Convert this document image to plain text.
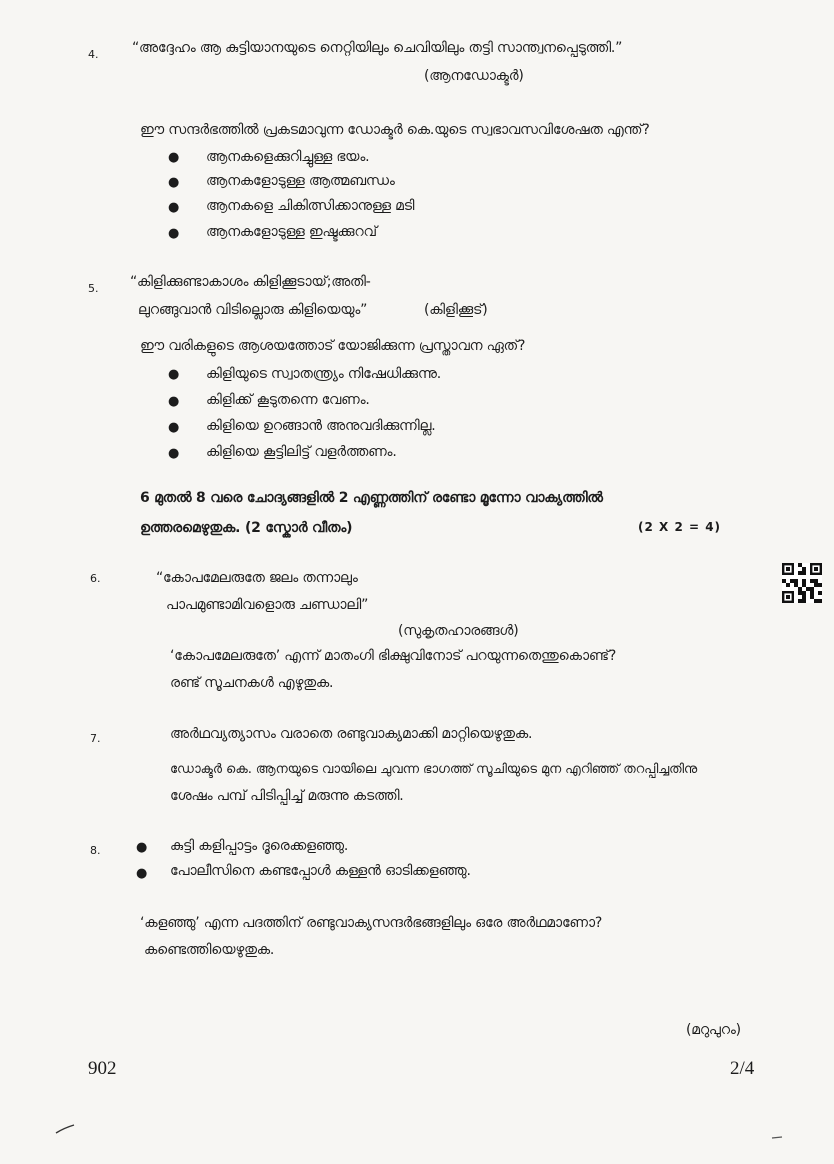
4. “അദ്ദേഹം ആ കുട്ടിയാനയുടെ നെറ്റിയിലും ചെവിയിലും തട്ടി സാന്ത്വനപ്പെടുത്തി.”
(ആനഡോക്ടർ)
ഈ സന്ദർഭത്തിൽ പ്രകടമാവുന്ന ഡോക്ടർ കെ.യുടെ സ്വഭാവസവിശേഷത എന്ത്?
● ആനകളെക്കുറിച്ചുള്ള ഭയം.
● ആനകളോടുള്ള ആത്മബന്ധം
● ആനകളെ ചികിത്സിക്കാനുള്ള മടി
● ആനകളോടുള്ള ഇഷ്ടക്കുറവ്
5. “കിളിക്കുണ്ടാകാശം കിളിക്കൂടായ്;അതി-
ലുറങ്ങുവാൻ വിടില്ലൊരു കിളിയെയും”	(കിളിക്കൂട്)
ഈ വരികളുടെ ആശയത്തോട് യോജിക്കുന്ന പ്രസ്താവന ഏത്?
● കിളിയുടെ സ്വാതന്ത്ര്യം നിഷേധിക്കുന്നു.
● കിളിക്ക് കൂടുതന്നെ വേണം.
● കിളിയെ ഉറങ്ങാൻ അനുവദിക്കുന്നില്ല.
● കിളിയെ കൂട്ടിലിട്ട് വളർത്തണം.
6 മുതൽ 8 വരെ ചോദ്യങ്ങളിൽ 2 എണ്ണത്തിന് രണ്ടോ മൂന്നോ വാക്യത്തിൽ
ഉത്തരമെഴുതുക. (2 സ്കോർ വീതം)	(2 X 2 = 4)
6.	“കോപമേലരുതേ ജലം തന്നാലും
പാപമുണ്ടാമിവളൊരു ചണ്ഡാലി”
(സുകൃതഹാരങ്ങൾ)
‘കോപമേലരുതേ’ എന്ന് മാതംഗി ഭിക്ഷുവിനോട് പറയുന്നതെന്തുകൊണ്ട്?
രണ്ട് സൂചനകൾ എഴുതുക.
7.	അർഥവ്യത്യാസം വരാതെ രണ്ടുവാക്യമാക്കി മാറ്റിയെഴുതുക.
ഡോക്ടർ കെ. ആനയുടെ വായിലെ ചുവന്ന ഭാഗത്ത് സൂചിയുടെ മുന എറിഞ്ഞ് തറപ്പിച്ചതിനു
ശേഷം പമ്പ് പിടിപ്പിച്ച് മരുന്നു കടത്തി.
8.	● കുട്ടി കളിപ്പാട്ടം ദൂരെക്കളഞ്ഞു.
● പോലീസിനെ കണ്ടപ്പോൾ കള്ളൻ ഓടിക്കളഞ്ഞു.
‘കളഞ്ഞു’ എന്ന പദത്തിന് രണ്ടുവാക്യസന്ദർഭങ്ങളിലും ഒരേ അർഥമാണോ?
കണ്ടെത്തിയെഴുതുക.
(മറുപുറം)
902	2/4
